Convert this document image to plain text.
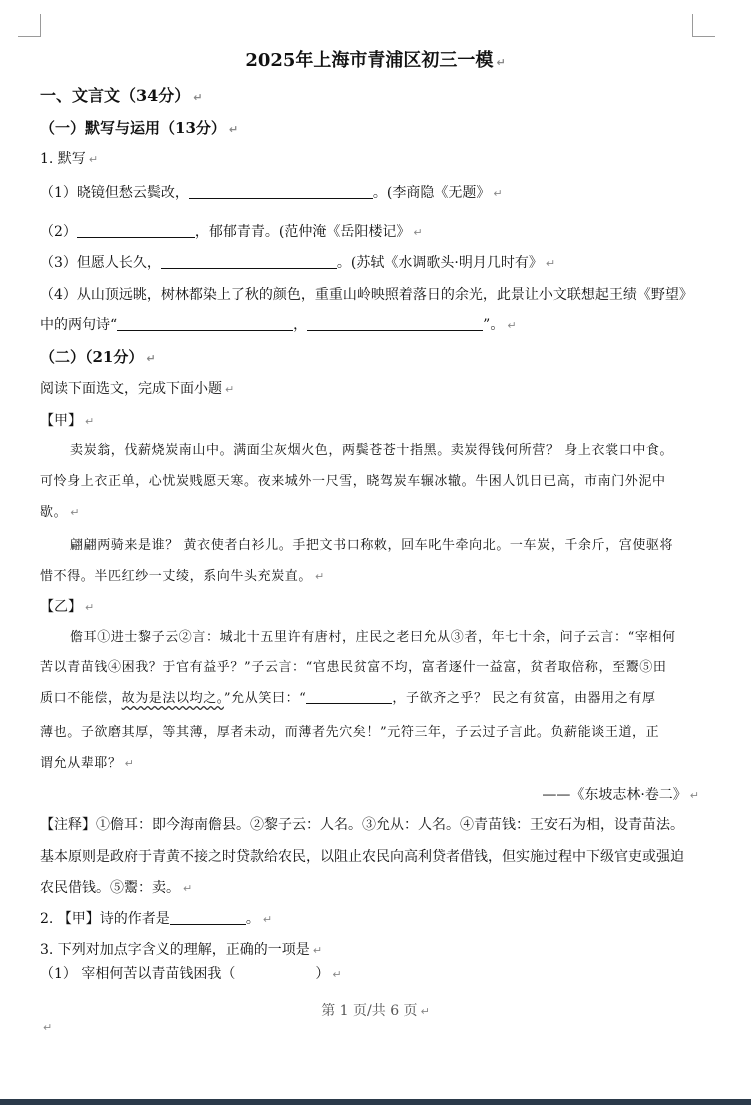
2025年上海市青浦区初三一模 ↵
一、文言文（34分） ↵
（一）默写与运用（13分） ↵
1. 默写 ↵
（1）晓镜但愁云鬓改，	。(李商隐《无题》 ↵
（2）	，郁郁青青。(范仲淹《岳阳楼记》 ↵
（3）但愿人长久，	。(苏轼《水调歌头·明月几时有》 ↵
（4）从山顶远眺，树林都染上了秋的颜色，重重山岭映照着落日的余光，此景让小文联想起王绩《野望》
中的两句诗“	，	”。 ↵
（二）（21分） ↵
阅读下面选文，完成下面小题 ↵
【甲】 ↵
卖炭翁，伐薪烧炭南山中。满面尘灰烟火色，两鬓苍苍十指黑。卖炭得钱何所营？ 身上衣裳口中食。
可怜身上衣正单，心忧炭贱愿天寒。夜来城外一尺雪，晓驾炭车辗冰辙。牛困人饥日已高，市南门外泥中
歇。 ↵
翩翩两骑来是谁？ 黄衣使者白衫儿。手把文书口称敕，回车叱牛牵向北。一车炭，千余斤，宫使驱将
惜不得。半匹红纱一丈绫，系向牛头充炭直。 ↵
【乙】 ↵
儋耳①进士黎子云②言：城北十五里许有唐村，庄民之老曰允从③者，年七十余，问子云言：“宰相何
苦以青苗钱④困我？于官有益乎？”子云言：“官患民贫富不均，富者逐什一益富，贫者取倍称，至鬻⑤田
质口不能偿，故为是法以均之。”允从笑曰：“	，子欲齐之乎？ 民之有贫富，由器用之有厚
薄也。子欲磨其厚，等其薄，厚者未动，而薄者先穴矣！”元符三年，子云过子言此。负薪能谈王道，正
谓允从辈耶？ ↵
——《东坡志林·卷二》 ↵
【注释】①儋耳：即今海南儋县。②黎子云：人名。③允从：人名。④青苗钱：王安石为相，设青苗法。
基本原则是政府于青黄不接之时贷款给农民，以阻止农民向高利贷者借钱，但实施过程中下级官吏或强迫
农民借钱。⑤鬻：卖。 ↵
2. 【甲】诗的作者是	。 ↵
3. 下列对加点字含义的理解，正确的一项是 ↵
（1） 宰相何苦以青苗钱困我（	） ↵
第 1 页/共 6 页 ↵
↵
